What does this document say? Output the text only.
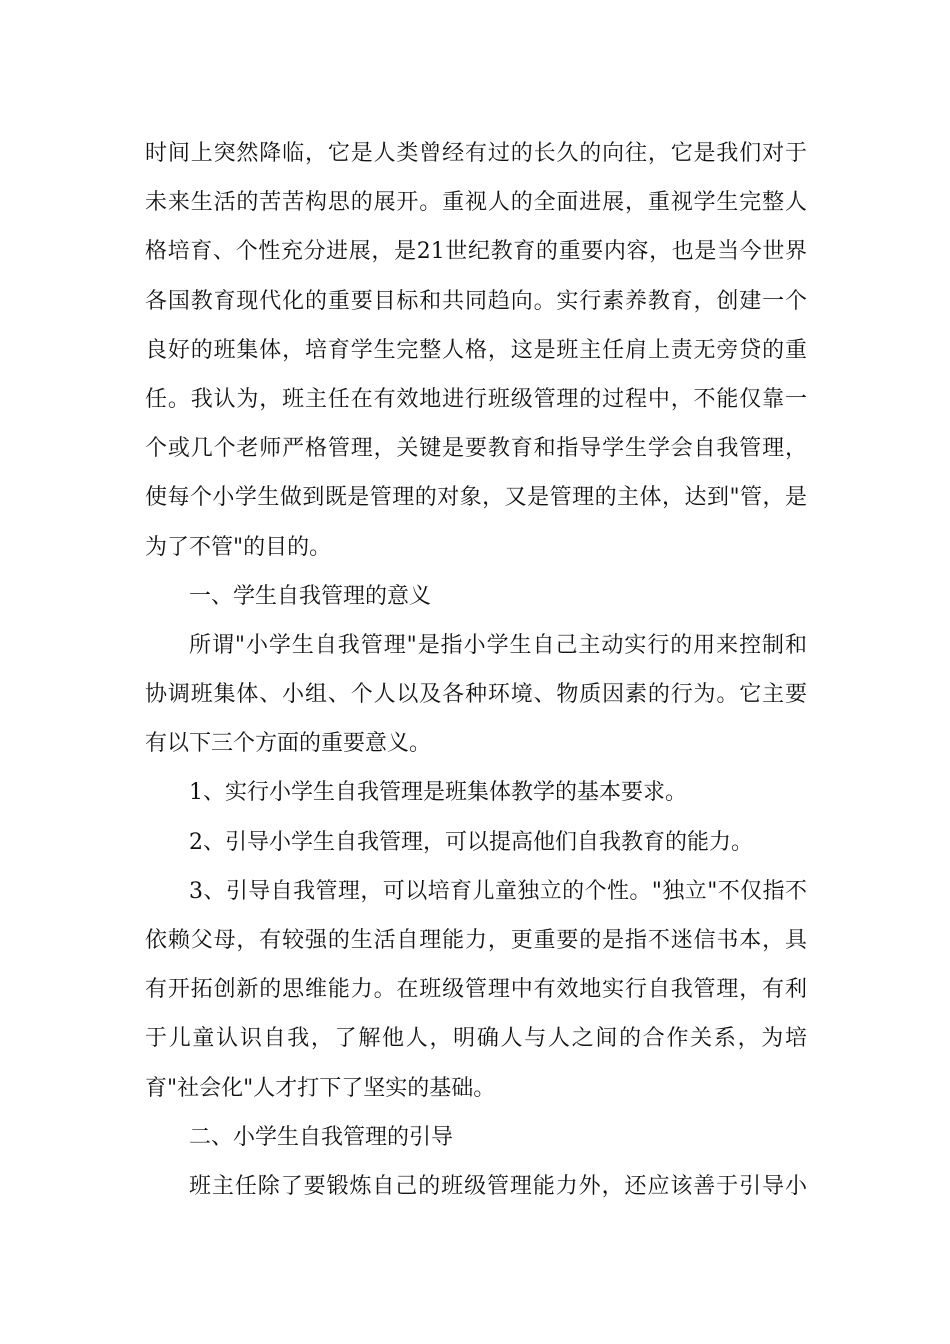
时间上突然降临，它是人类曾经有过的长久的向往，它是我们对于
未来生活的苦苦构思的展开。重视人的全面进展，重视学生完整人
格培育、个性充分进展，是21世纪教育的重要内容，也是当今世界
各国教育现代化的重要目标和共同趋向。实行素养教育，创建一个
良好的班集体，培育学生完整人格，这是班主任肩上责无旁贷的重
任。我认为，班主任在有效地进行班级管理的过程中，不能仅靠一
个或几个老师严格管理，关键是要教育和指导学生学会自我管理，
使每个小学生做到既是管理的对象，又是管理的主体，达到"管，是
为了不管"的目的。
一、学生自我管理的意义
所谓"小学生自我管理"是指小学生自己主动实行的用来控制和
协调班集体、小组、个人以及各种环境、物质因素的行为。它主要
有以下三个方面的重要意义。
1、实行小学生自我管理是班集体教学的基本要求。
2、引导小学生自我管理，可以提高他们自我教育的能力。
3、引导自我管理，可以培育儿童独立的个性。"独立"不仅指不
依赖父母，有较强的生活自理能力，更重要的是指不迷信书本，具
有开拓创新的思维能力。在班级管理中有效地实行自我管理，有利
于儿童认识自我，了解他人，明确人与人之间的合作关系，为培
育"社会化"人才打下了坚实的基础。
二、小学生自我管理的引导
班主任除了要锻炼自己的班级管理能力外，还应该善于引导小
